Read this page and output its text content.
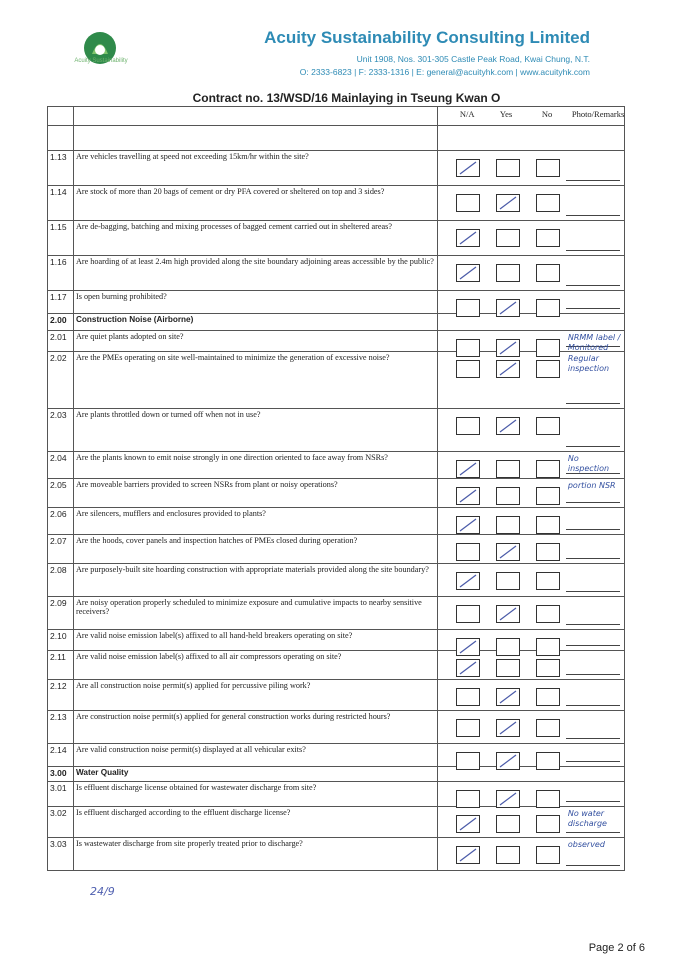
Acuity Sustainability
Acuity Sustainability Consulting Limited
Unit 1908, Nos. 301-305 Castle Peak Road, Kwai Chung, N.T.
O: 2333-6823 | F: 2333-1316 | E: general@acuityhk.com | www.acuityhk.com
Contract no. 13/WSD/16 Mainlaying in Tseung Kwan O

		N/A Yes No Photo/Remarks

1.13	Are vehicles travelling at speed not exceeding 15km/hr within the site?	

1.14	Are stock of more than 20 bags of cement or dry PFA covered or sheltered on top and 3 sides?	

1.15	Are de-bagging, batching and mixing processes of bagged cement carried out in sheltered areas?	

1.16	Are hoarding of at least 2.4m high provided along the site boundary adjoining areas accessible by the public?	

1.17	Is open burning prohibited?	

2.00	Construction Noise (Airborne)	
2.01	Are quiet plants adopted on site?	NRMM label / Monitored

2.02	Are the PMEs operating on site well-maintained to minimize the generation of excessive noise?	Regular inspection

2.03	Are plants throttled down or turned off when not in use?	

2.04	Are the plants known to emit noise strongly in one direction oriented to face away from NSRs?	No inspection

2.05	Are moveable barriers provided to screen NSRs from plant or noisy operations?	portion NSR

2.06	Are silencers, mufflers and enclosures provided to plants?	

2.07	Are the hoods, cover panels and inspection hatches of PMEs closed during operation?	

2.08	Are purposely-built site hoarding construction with appropriate materials provided along the site boundary?	

2.09	Are noisy operation properly scheduled to minimize exposure and cumulative impacts to nearby sensitive receivers?	

2.10	Are valid noise emission label(s) affixed to all hand-held breakers operating on site?	

2.11	Are valid noise emission label(s) affixed to all air compressors operating on site?	

2.12	Are all construction noise permit(s) applied for percussive piling work?	

2.13	Are construction noise permit(s) applied for general construction works during restricted hours?	

2.14	Are valid construction noise permit(s) displayed at all vehicular exits?	

3.00	Water Quality	
3.01	Is effluent discharge license obtained for wastewater discharge from site?	

3.02	Is effluent discharged according to the effluent discharge license?	No water discharge

3.03	Is wastewater discharge from site properly treated prior to discharge?	observed
24/9
Page 2 of 6
